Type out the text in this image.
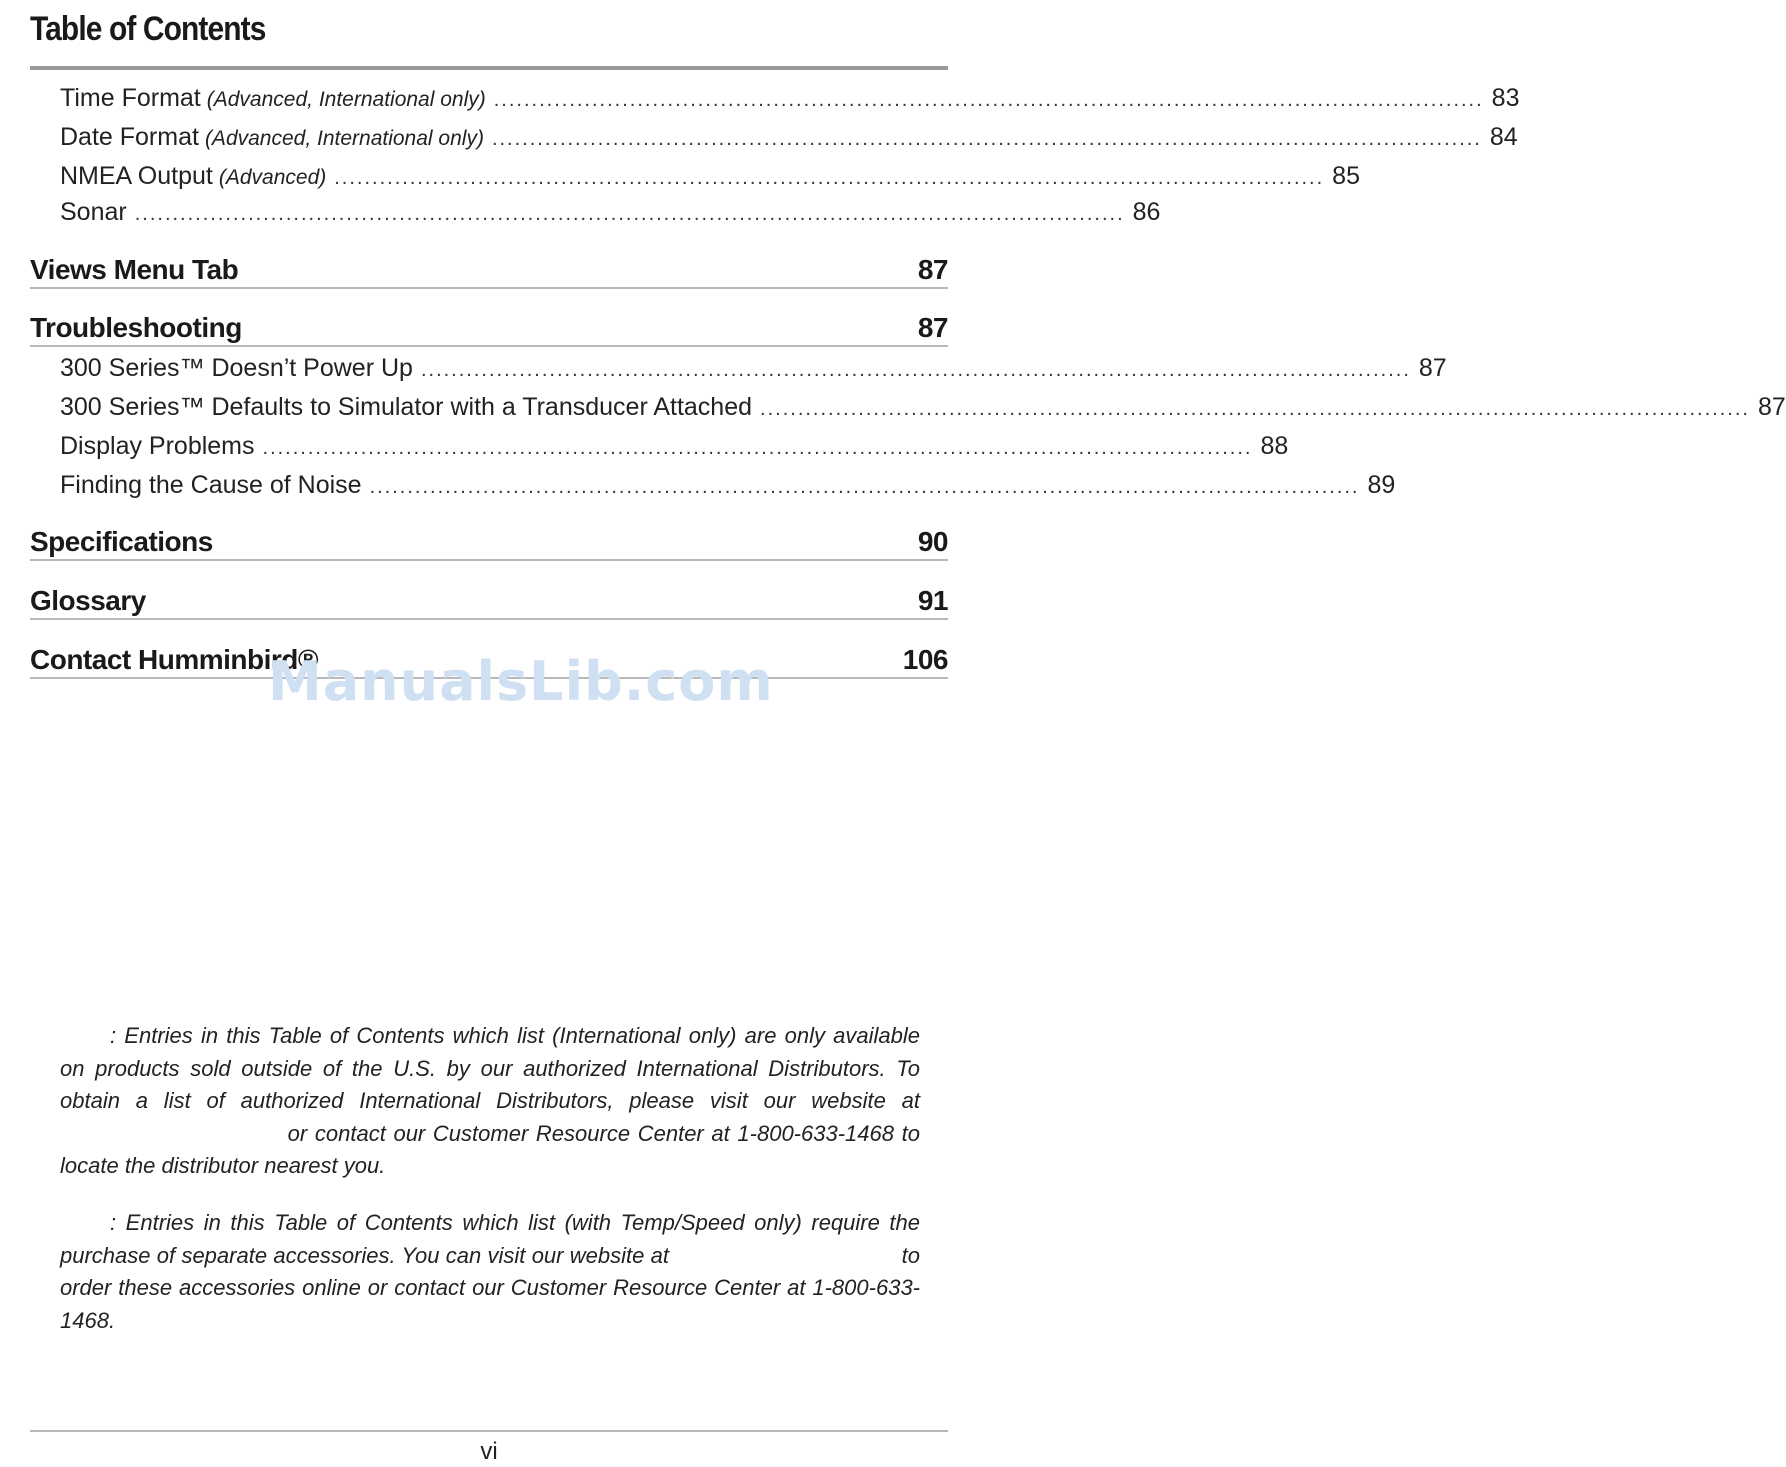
Table of Contents
Time Format (Advanced, International only) ................................................................................................................................... 83
Date Format (Advanced, International only) ................................................................................................................................... 84
NMEA Output (Advanced) ................................................................................................................................... 85
Sonar ................................................................................................................................... 86
Views Menu Tab	87
Troubleshooting	87
300 Series™ Doesn’t Power Up ................................................................................................................................... 87
300 Series™ Defaults to Simulator with a Transducer Attached ................................................................................................................................... 87
Display Problems ................................................................................................................................... 88
Finding the Cause of Noise ................................................................................................................................... 89
Specifications	90
Glossary	91
Contact Humminbird®	106
ManualsLib.com
: Entries in this Table of Contents which list (International only) are only available on products sold outside of the U.S. by our authorized International Distributors. To obtain a list of authorized International Distributors, please visit our website at  or contact our Customer Resource Center at 1-800-633-1468 to locate the distributor nearest you.
: Entries in this Table of Contents which list (with Temp/Speed only) require the purchase of separate accessories. You can visit our website at	to order these accessories online or contact our Customer Resource Center at 1-800-633-1468.
vi
